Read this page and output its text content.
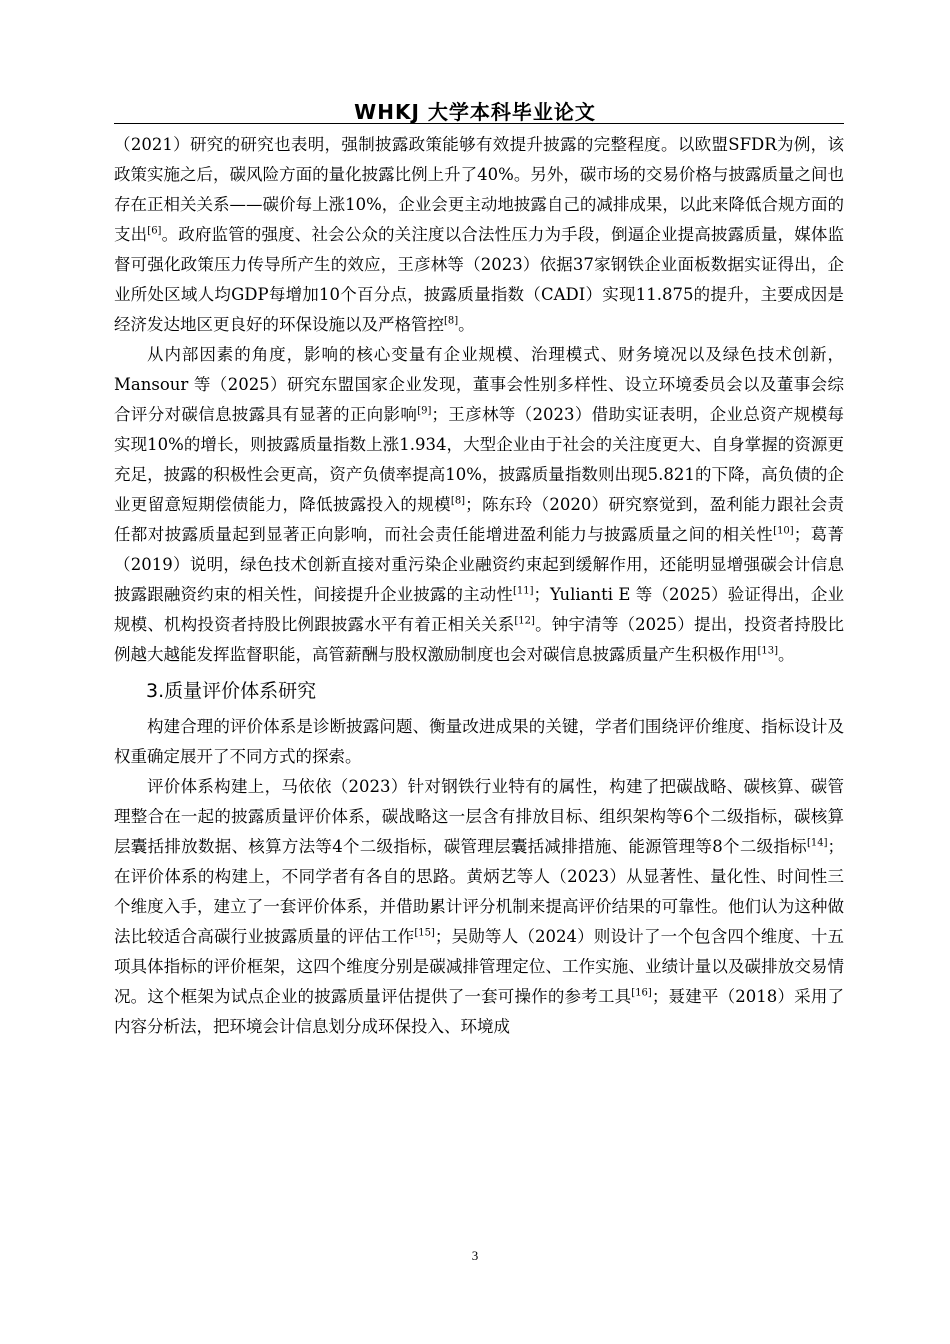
WHKJ 大学本科毕业论文

（2021）研究的研究也表明，强制披露政策能够有效提升披露的完整程度。以欧盟SFDR为例，该政策实施之后，碳风险方面的量化披露比例上升了40%。另外，碳市场的交易价格与披露质量之间也存在正相关关系——碳价每上涨10%，企业会更主动地披露自己的减排成果，以此来降低合规方面的支出[6]。政府监管的强度、社会公众的关注度以合法性压力为手段，倒逼企业提高披露质量，媒体监督可强化政策压力传导所产生的效应，王彦林等（2023）依据37家钢铁企业面板数据实证得出，企业所处区域人均GDP每增加10个百分点，披露质量指数（CADI）实现11.875的提升，主要成因是经济发达地区更良好的环保设施以及严格管控[8]。

从内部因素的角度，影响的核心变量有企业规模、治理模式、财务境况以及绿色技术创新，Mansour 等（2025）研究东盟国家企业发现，董事会性别多样性、设立环境委员会以及董事会综合评分对碳信息披露具有显著的正向影响[9]；王彦林等（2023）借助实证表明，企业总资产规模每实现10%的增长，则披露质量指数上涨1.934，大型企业由于社会的关注度更大、自身掌握的资源更充足，披露的积极性会更高，资产负债率提高10%，披露质量指数则出现5.821的下降，高负债的企业更留意短期偿债能力，降低披露投入的规模[8]；陈东玲（2020）研究察觉到，盈利能力跟社会责任都对披露质量起到显著正向影响，而社会责任能增进盈利能力与披露质量之间的相关性[10]；葛菁（2019）说明，绿色技术创新直接对重污染企业融资约束起到缓解作用，还能明显增强碳会计信息披露跟融资约束的相关性，间接提升企业披露的主动性[11]；Yulianti E 等（2025）验证得出，企业规模、机构投资者持股比例跟披露水平有着正相关关系[12]。钟宇清等（2025）提出，投资者持股比例越大越能发挥监督职能，高管薪酬与股权激励制度也会对碳信息披露质量产生积极作用[13]。

3.质量评价体系研究

构建合理的评价体系是诊断披露问题、衡量改进成果的关键，学者们围绕评价维度、指标设计及权重确定展开了不同方式的探索。

评价体系构建上，马依依（2023）针对钢铁行业特有的属性，构建了把碳战略、碳核算、碳管理整合在一起的披露质量评价体系，碳战略这一层含有排放目标、组织架构等6个二级指标，碳核算层囊括排放数据、核算方法等4个二级指标，碳管理层囊括减排措施、能源管理等8个二级指标[14]；在评价体系的构建上，不同学者有各自的思路。黄炳艺等人（2023）从显著性、量化性、时间性三个维度入手，建立了一套评价体系，并借助累计评分机制来提高评价结果的可靠性。他们认为这种做法比较适合高碳行业披露质量的评估工作[15]；吴勋等人（2024）则设计了一个包含四个维度、十五项具体指标的评价框架，这四个维度分别是碳减排管理定位、工作实施、业绩计量以及碳排放交易情况。这个框架为试点企业的披露质量评估提供了一套可操作的参考工具[16]；聂建平（2018）采用了内容分析法，把环境会计信息划分成环保投入、环境成

3
